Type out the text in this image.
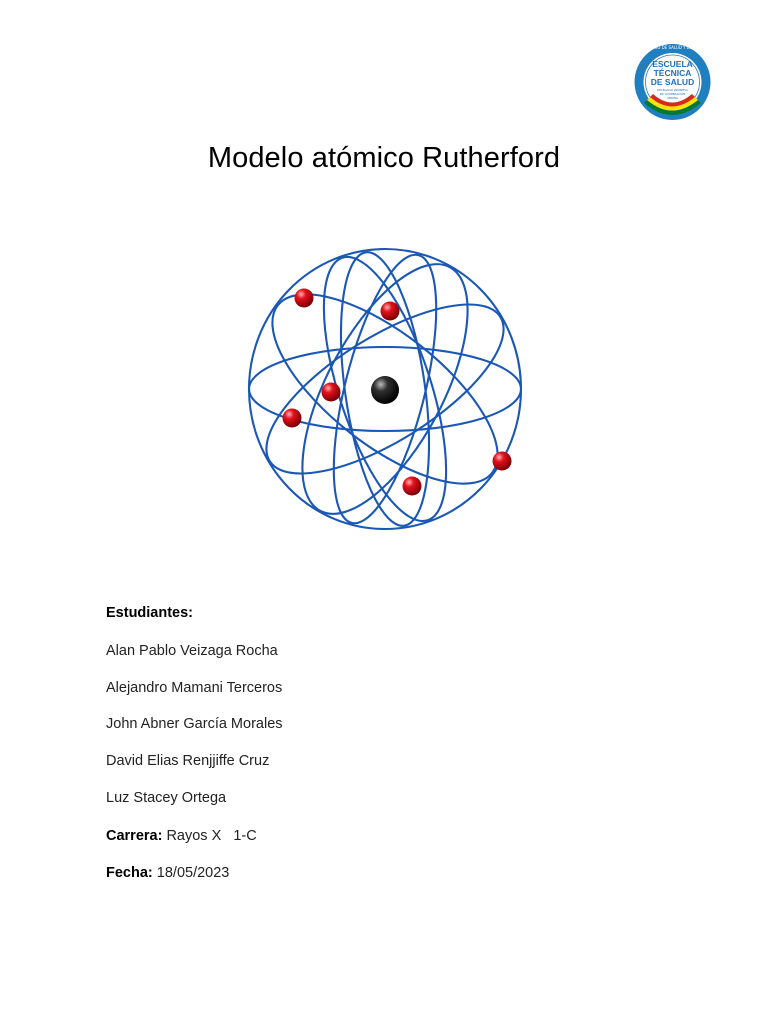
MINISTERIO DE SALUD Y DEPORTES
ESCUELA
TÉCNICA
DE SALUD
DELEGADO JAPONESA
DE COOPERACIÓN
ANDINA
Modelo atómico Rutherford
Estudiantes:
Alan Pablo Veizaga Rocha
Alejandro Mamani Terceros
John Abner García Morales
David Elias Renjjiffe Cruz
Luz Stacey Ortega
Carrera: Rayos X   1-C
Fecha: 18/05/2023
